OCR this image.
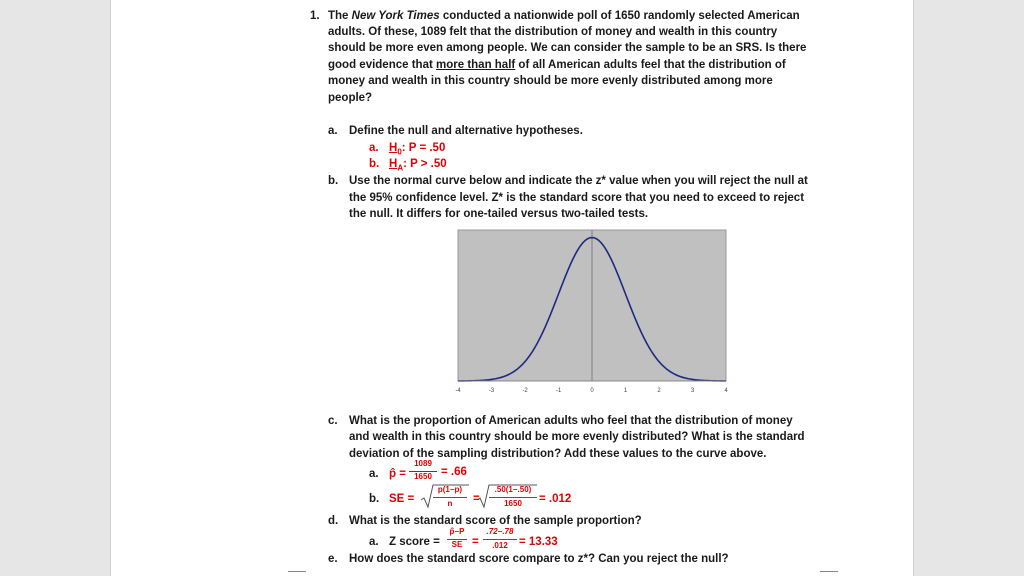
1. The New York Times conducted a nationwide poll of 1650 randomly selected American
adults. Of these, 1089 felt that the distribution of money and wealth in this country
should be more even among people. We can consider the sample to be an SRS. Is there
good evidence that more than half of all American adults feel that the distribution of
money and wealth in this country should be more evenly distributed among more
people?
a. Define the null and alternative hypotheses.
a. $H_0$: P = .50
b. $H_A$: P > .50
b. Use the normal curve below and indicate the z* value when you will reject the null at
the 95% confidence level. Z* is the standard score that you need to exceed to reject
the null. It differs for one-tailed versus two-tailed tests.
-4	-3	-2	-1	0	1	2	3	4
c. What is the proportion of American adults who feel that the distribution of money
and wealth in this country should be more evenly distributed? What is the standard
deviation of the sampling distribution? Add these values to the curve above.
a. p̂ =
1089
1650 = .66
b. SE =
p(1−p)
n	=
.50(1−.50)
1650	= .012
d. What is the standard score of the sample proportion?
a. Z score =
p̂−P
SE =
.72−.78
.012 = 13.33
e. How does the standard score compare to z*? Can you reject the null?
